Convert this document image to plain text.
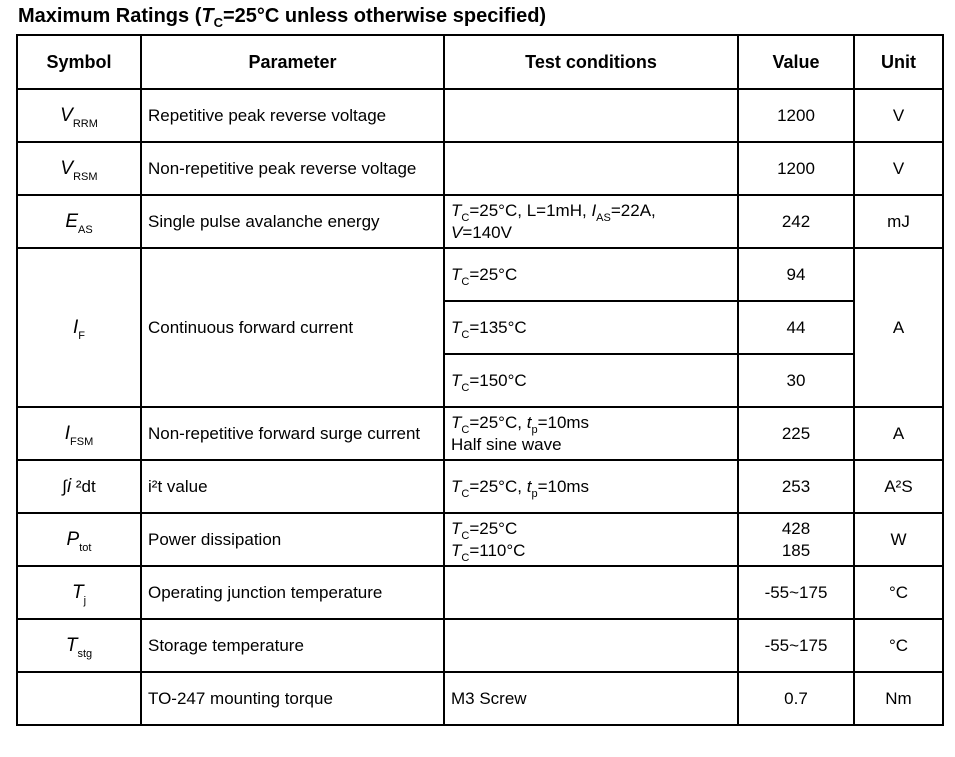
Maximum Ratings ($T_C=25^\circ C$ unless otherwise specified)
Symbol	Parameter	Test conditions	Value	Unit
$V_{RRM}$	Repetitive peak reverse voltage		1200	V
$V_{RSM}$	Non-repetitive peak reverse voltage		1200	V
$E_{AS}$	Single pulse avalanche energy	$T_C=25^\circ C$, L=1mH, $I_{AS}=22A$,
V=140V	242	mJ
$I_F$	Continuous forward current	$T_C=25^\circ C$	94	A
		$T_C=135^\circ C$	44	
		$T_C=150^\circ C$	30	
$I_{FSM}$	Non-repetitive forward surge current	$T_C=25^\circ C$, $t_p=10ms$
Half sine wave	225	A
∫i ²dt	i²t value	$T_C=25^\circ C$, $t_p=10ms$	253	A²S
$P_{tot}$	Power dissipation	$T_C=25^\circ C$
$T_C=110^\circ C$	428
185	W
$T_j$	Operating junction temperature		-55~175	°C
$T_{stg}$	Storage temperature		-55~175	°C
	TO-247 mounting torque	M3 Screw	0.7	Nm
